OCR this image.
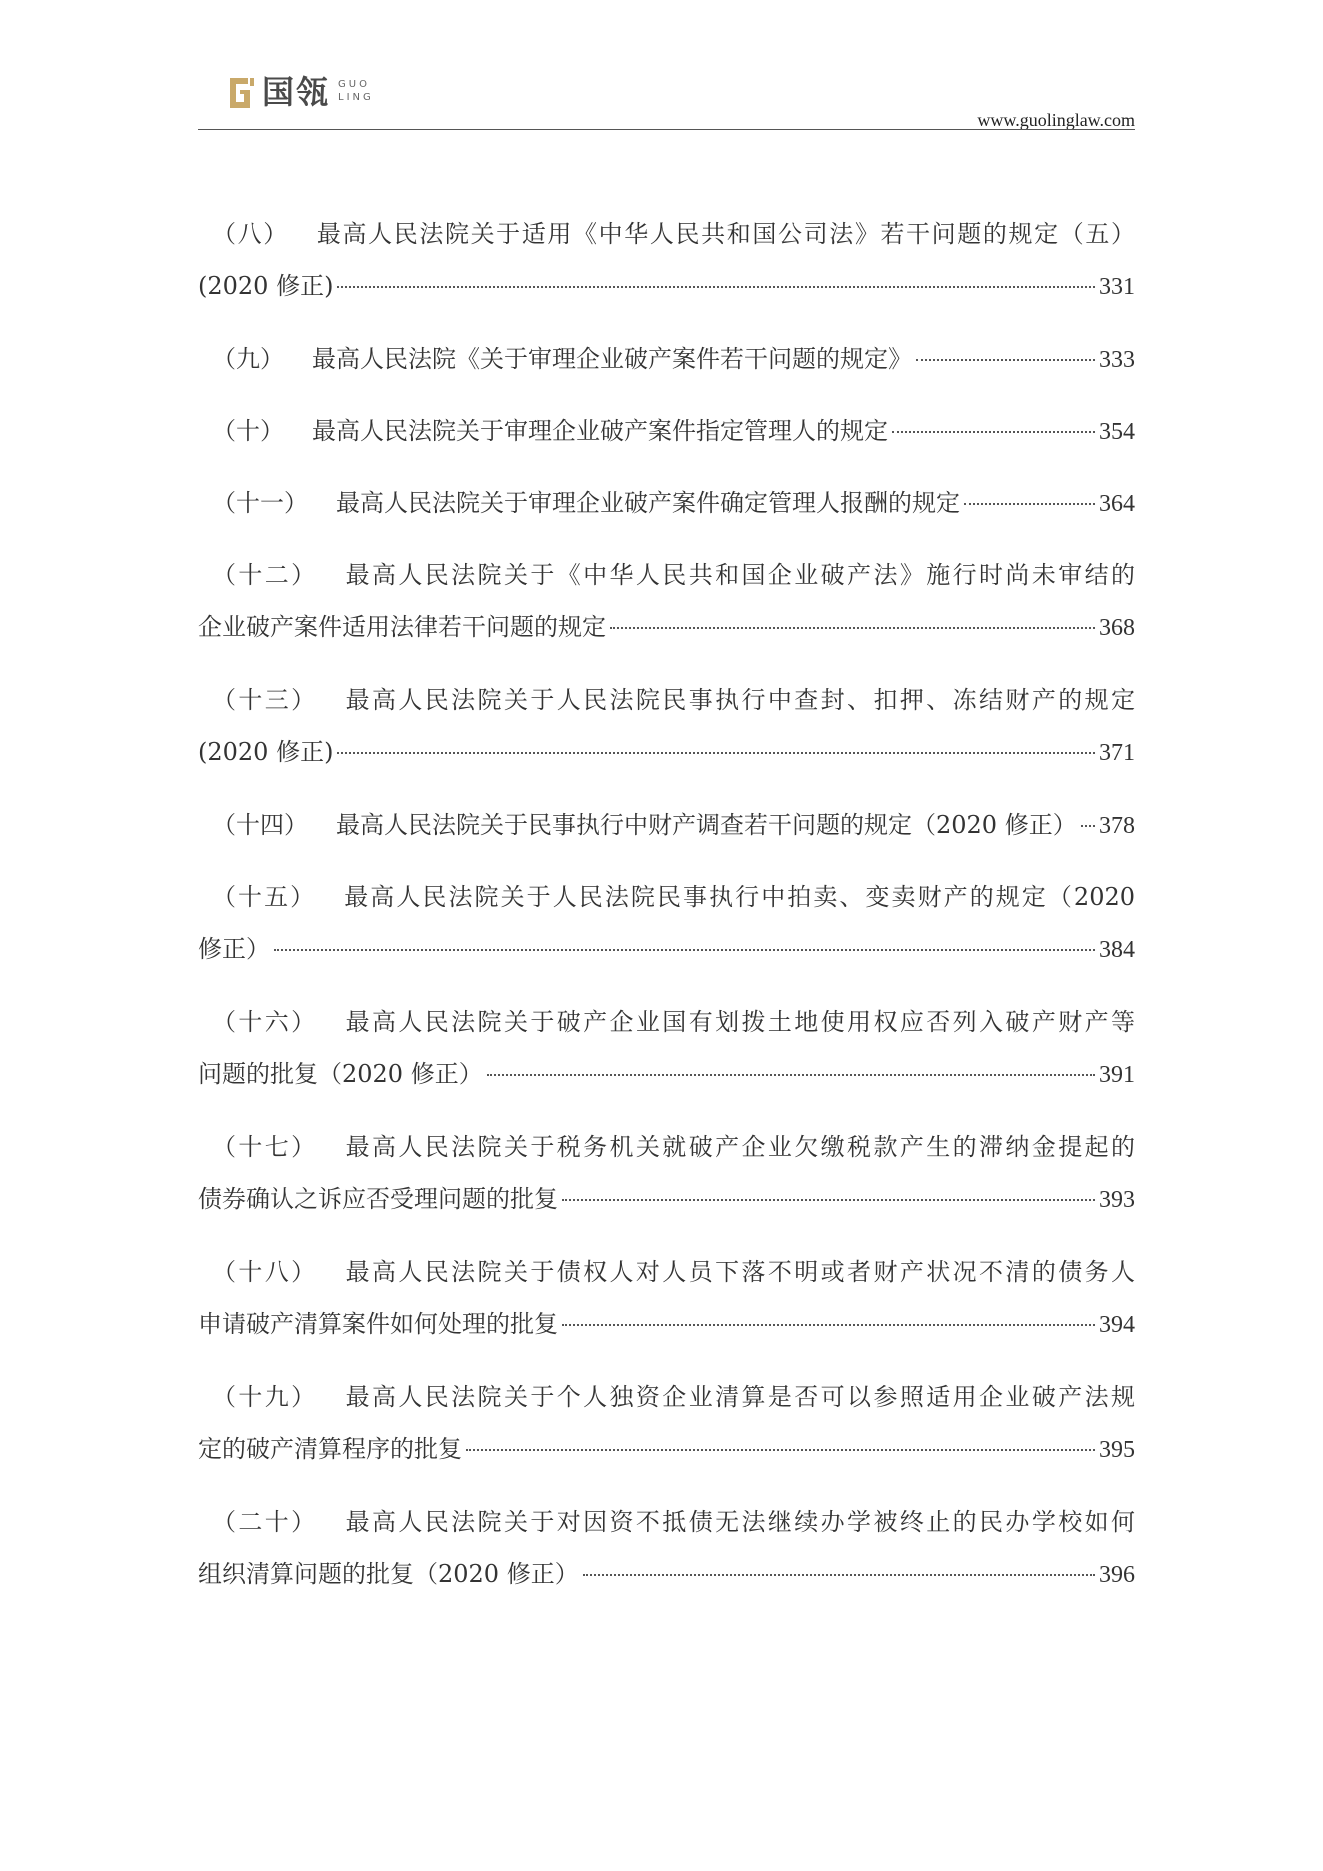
国瓴 GUO
LING
www.guolinglaw.com
（八） 最高人民法院关于适用《中华人民共和国公司法》若干问题的规定（五）
(2020 修正)	331
（九） 最高人民法院《关于审理企业破产案件若干问题的规定》	333
（十） 最高人民法院关于审理企业破产案件指定管理人的规定	354
（十一） 最高人民法院关于审理企业破产案件确定管理人报酬的规定	364
（十二） 最高人民法院关于《中华人民共和国企业破产法》施行时尚未审结的
企业破产案件适用法律若干问题的规定	368
（十三） 最高人民法院关于人民法院民事执行中查封、扣押、冻结财产的规定
(2020 修正)	371
（十四） 最高人民法院关于民事执行中财产调查若干问题的规定（2020 修正） 378
（十五） 最高人民法院关于人民法院民事执行中拍卖、变卖财产的规定（2020
修正）	384
（十六） 最高人民法院关于破产企业国有划拨土地使用权应否列入破产财产等
问题的批复（2020 修正）	391
（十七） 最高人民法院关于税务机关就破产企业欠缴税款产生的滞纳金提起的
债券确认之诉应否受理问题的批复	393
（十八） 最高人民法院关于债权人对人员下落不明或者财产状况不清的债务人
申请破产清算案件如何处理的批复	394
（十九） 最高人民法院关于个人独资企业清算是否可以参照适用企业破产法规
定的破产清算程序的批复	395
（二十） 最高人民法院关于对因资不抵债无法继续办学被终止的民办学校如何
组织清算问题的批复（2020 修正）	396
